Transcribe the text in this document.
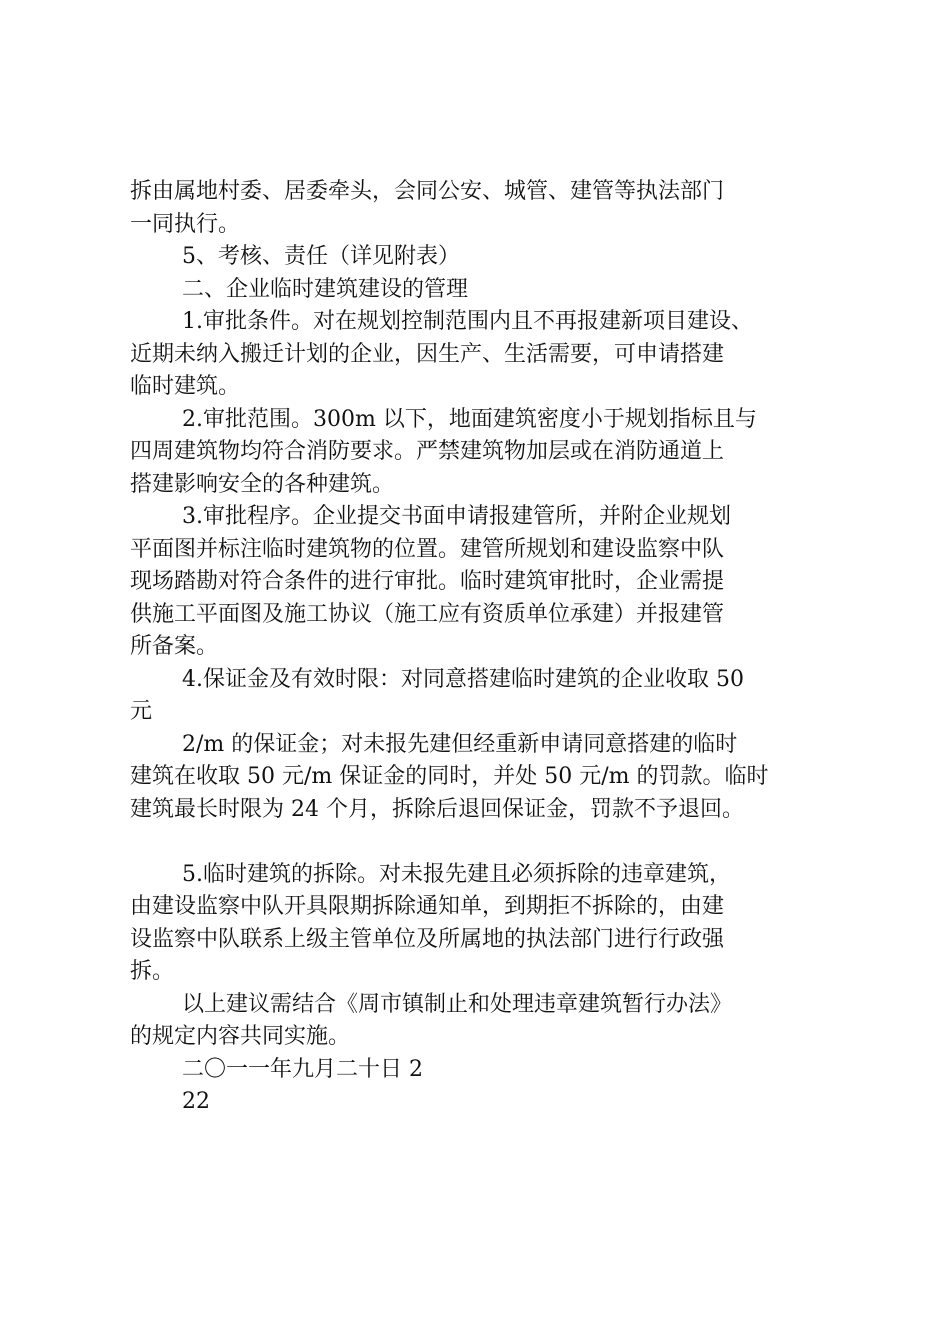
拆由属地村委、居委牵头，会同公安、城管、建管等执法部门
一同执行。
5、考核、责任（详见附表）
二、企业临时建筑建设的管理
1.审批条件。对在规划控制范围内且不再报建新项目建设、
近期未纳入搬迁计划的企业，因生产、生活需要，可申请搭建
临时建筑。
2.审批范围。300m 以下，地面建筑密度小于规划指标且与
四周建筑物均符合消防要求。严禁建筑物加层或在消防通道上
搭建影响安全的各种建筑。
3.审批程序。企业提交书面申请报建管所，并附企业规划
平面图并标注临时建筑物的位置。建管所规划和建设监察中队
现场踏勘对符合条件的进行审批。临时建筑审批时，企业需提
供施工平面图及施工协议（施工应有资质单位承建）并报建管
所备案。
4.保证金及有效时限：对同意搭建临时建筑的企业收取 50
元
2/m 的保证金；对未报先建但经重新申请同意搭建的临时
建筑在收取 50 元/m 保证金的同时，并处 50 元/m 的罚款。临时
建筑最长时限为 24 个月，拆除后退回保证金，罚款不予退回。
5.临时建筑的拆除。对未报先建且必须拆除的违章建筑，
由建设监察中队开具限期拆除通知单，到期拒不拆除的，由建
设监察中队联系上级主管单位及所属地的执法部门进行行政强
拆。
以上建议需结合《周市镇制止和处理违章建筑暂行办法》
的规定内容共同实施。
二〇一一年九月二十日 2
22
